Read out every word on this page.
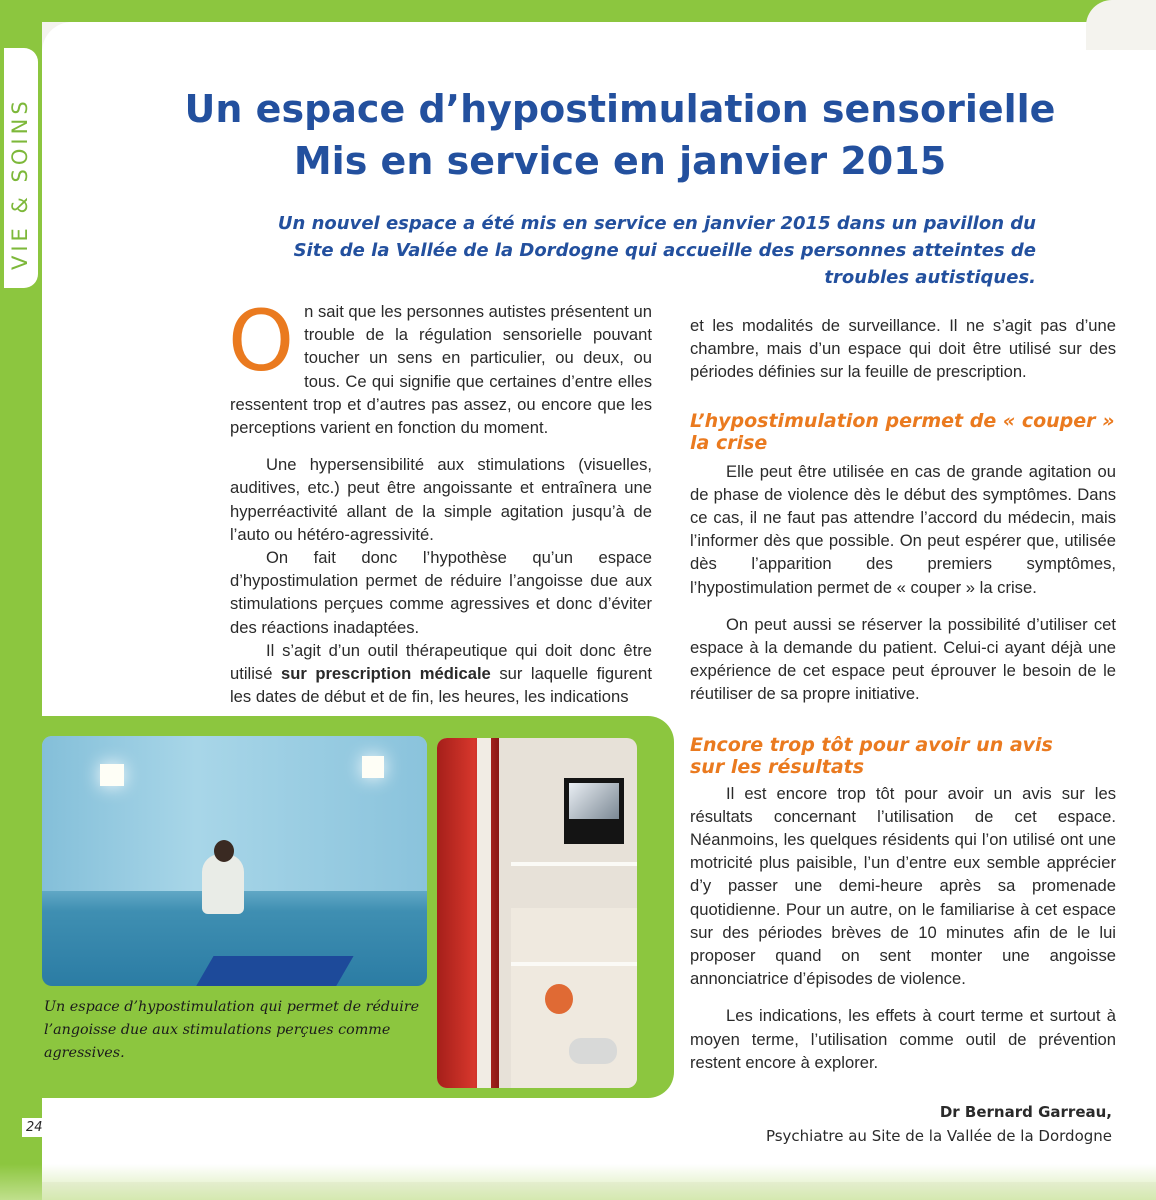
VIE & SOINS	Un espace d’hypostimulation sensorielle
Mis en service en janvier 2015

Un nouvel espace a été mis en service en janvier 2015 dans un pavillon du Site de la Vallée de la Dordogne qui accueille des personnes atteintes de troubles autistiques.

On sait que les personnes autistes présentent un trouble de la régulation sensorielle pouvant toucher un sens en particulier, ou deux, ou tous. Ce qui signifie que certaines d’entre elles ressentent trop et d’autres pas assez, ou encore que les perceptions varient en fonction du moment.

Une hypersensibilité aux stimulations (visuelles, auditives, etc.) peut être angoissante et entraînera une hyperréactivité allant de la simple agitation jusqu’à de l’auto ou hétéro-agressivité.

On fait donc l’hypothèse qu’un espace d’hypostimulation permet de réduire l’angoisse due aux stimulations perçues comme agressives et donc d’éviter des réactions inadaptées.

Il s’agit d’un outil thérapeutique qui doit donc être utilisé sur prescription médicale sur laquelle figurent les dates de début et de fin, les heures, les indications

et les modalités de surveillance. Il ne s’agit pas d’une chambre, mais d’un espace qui doit être utilisé sur des périodes définies sur la feuille de prescription.

L’hypostimulation permet de « couper »

la crise

Elle peut être utilisée en cas de grande agitation ou de phase de violence dès le début des symptômes. Dans ce cas, il ne faut pas attendre l’accord du médecin, mais l’informer dès que possible. On peut espérer que, utilisée dès l’apparition des premiers symptômes, l’hypostimulation permet de « couper » la crise.

On peut aussi se réserver la possibilité d’utiliser cet espace à la demande du patient. Celui-ci ayant déjà une expérience de cet espace peut éprouver le besoin de le réutiliser de sa propre initiative.

Encore trop tôt pour avoir un avis

sur les résultats

Il est encore trop tôt pour avoir un avis sur les résultats concernant l’utilisation de cet espace. Néanmoins, les quelques résidents qui l’on utilisé ont une motricité plus paisible, l’un d’entre eux semble apprécier d’y passer une demi-heure après sa promenade quotidienne. Pour un autre, on le familiarise à cet espace sur des périodes brèves de 10 minutes afin de le lui proposer quand on sent monter une angoisse annonciatrice d’épisodes de violence.

Les indications, les effets à court terme et surtout à moyen terme, l’utilisation comme outil de prévention restent encore à explorer.

Un espace d’hypostimulation qui permet de réduire l’angoisse due aux stimulations perçues comme agressives.

24
Dr Bernard Garreau,
Psychiatre au Site de la Vallée de la Dordogne
